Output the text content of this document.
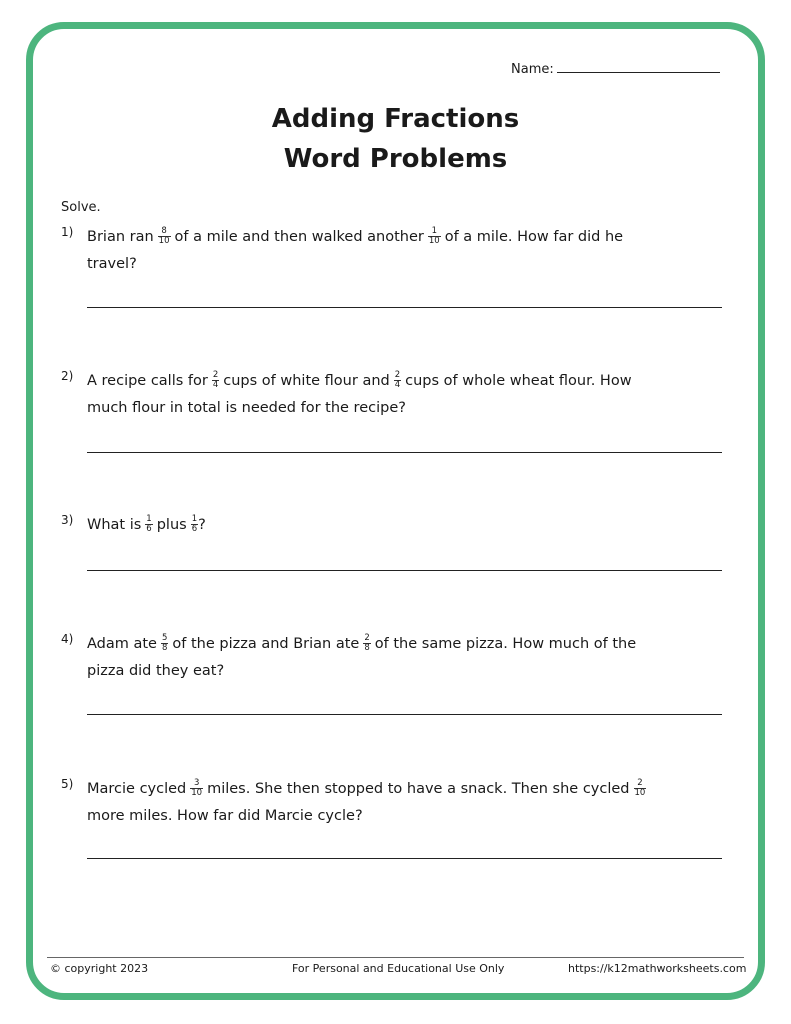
Name:
Adding Fractions
Word Problems
Solve.
1) Brian ran $\frac{8}{10}$ of a mile and then walked another $\frac{1}{10}$ of a mile. How far did he
travel?
2) A recipe calls for $\frac{2}{4}$ cups of white flour and $\frac{2}{4}$ cups of whole wheat flour. How
much flour in total is needed for the recipe?
3) What is $\frac{1}{6}$ plus $\frac{1}{6}$ ?
4) Adam ate $\frac{5}{8}$ of the pizza and Brian ate $\frac{2}{8}$ of the same pizza. How much of the
pizza did they eat?
5) Marcie cycled $\frac{3}{10}$ miles. She then stopped to have a snack. Then she cycled $\frac{2}{10}$
more miles. How far did Marcie cycle?
© copyright 2023	For Personal and Educational Use Only	https://k12mathworksheets.com
